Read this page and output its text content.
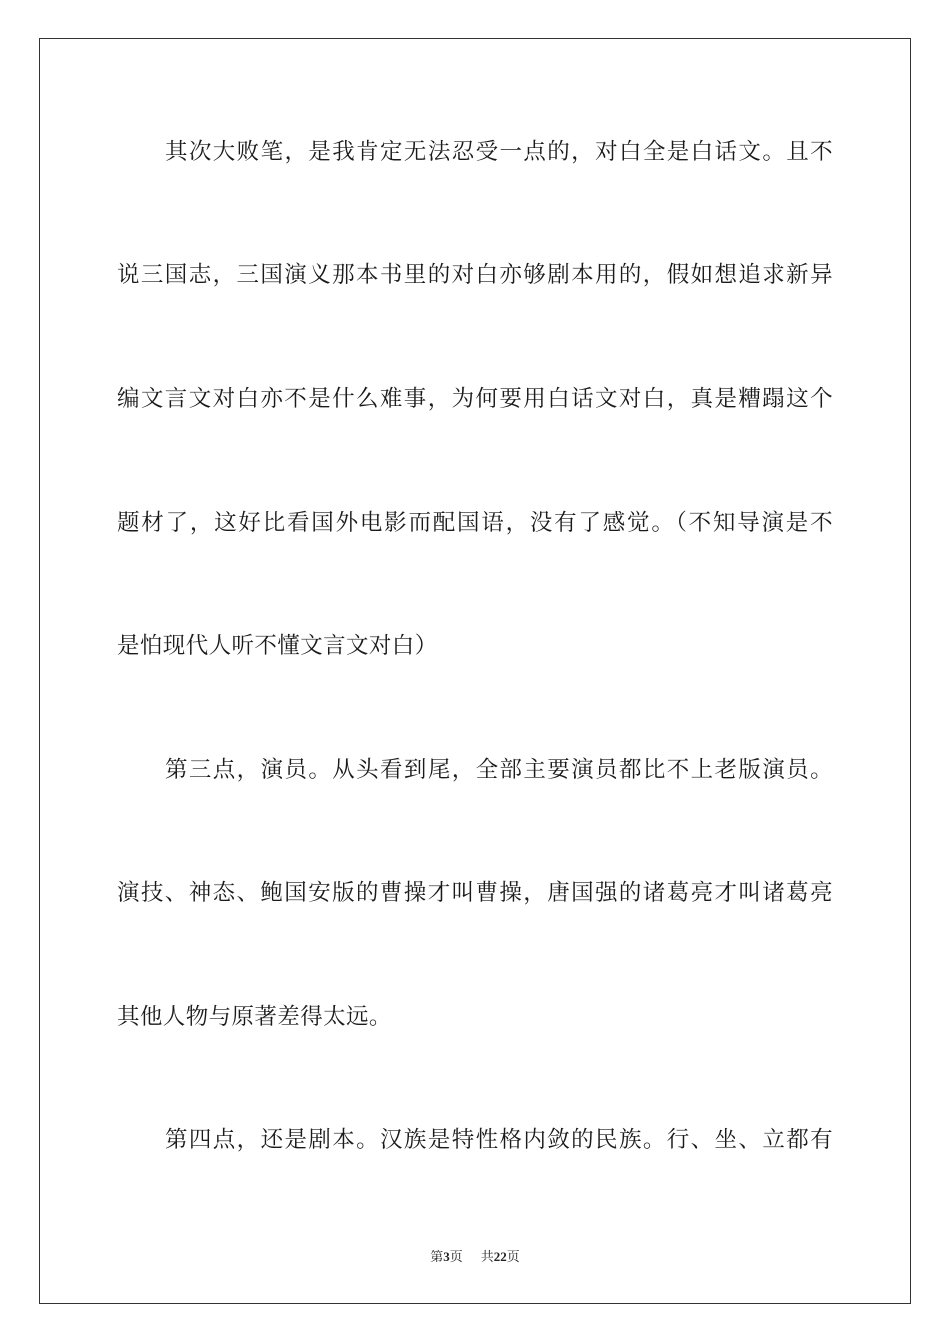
其次大败笔，是我肯定无法忍受一点的，对白全是白话文。且不
说三国志，三国演义那本书里的对白亦够剧本用的，假如想追求新异
编文言文对白亦不是什么难事，为何要用白话文对白，真是糟蹋这个
题材了，这好比看国外电影而配国语，没有了感觉。（不知导演是不
是怕现代人听不懂文言文对白）
第三点，演员。从头看到尾，全部主要演员都比不上老版演员。
演技、神态、鲍国安版的曹操才叫曹操，唐国强的诸葛亮才叫诸葛亮
其他人物与原著差得太远。
第四点，还是剧本。汉族是特性格内敛的民族。行、坐、立都有
第3页 共22页
